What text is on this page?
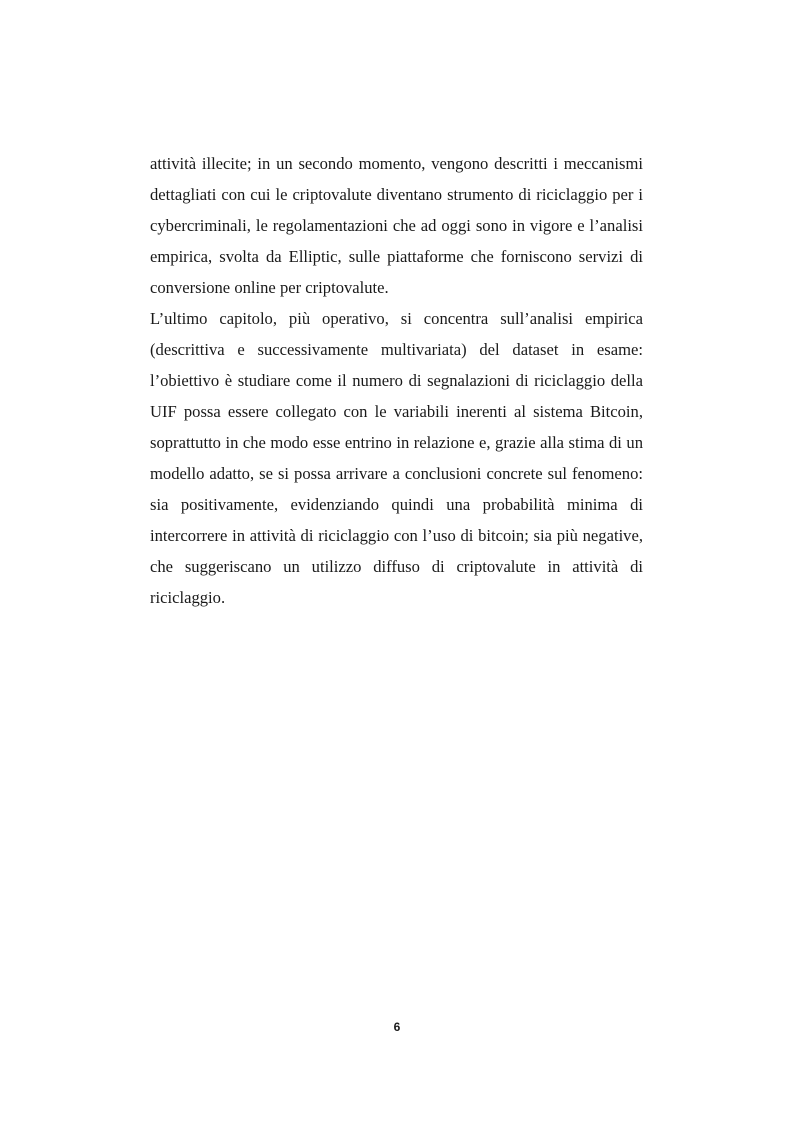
attività illecite; in un secondo momento, vengono descritti i meccanismi dettagliati con cui le criptovalute diventano strumento di riciclaggio per i cybercriminali, le regolamentazioni che ad oggi sono in vigore e l’analisi empirica, svolta da Elliptic, sulle piattaforme che forniscono servizi di conversione online per criptovalute.

L’ultimo capitolo, più operativo, si concentra sull’analisi empirica (descrittiva e successivamente multivariata) del dataset in esame: l’obiettivo è studiare come il numero di segnalazioni di riciclaggio della UIF possa essere collegato con le variabili inerenti al sistema Bitcoin, soprattutto in che modo esse entrino in relazione e, grazie alla stima di un modello adatto, se si possa arrivare a conclusioni concrete sul fenomeno: sia positivamente, evidenziando quindi una probabilità minima di intercorrere in attività di riciclaggio con l’uso di bitcoin; sia più negative, che suggeriscano un utilizzo diffuso di criptovalute in attività di riciclaggio.

6
